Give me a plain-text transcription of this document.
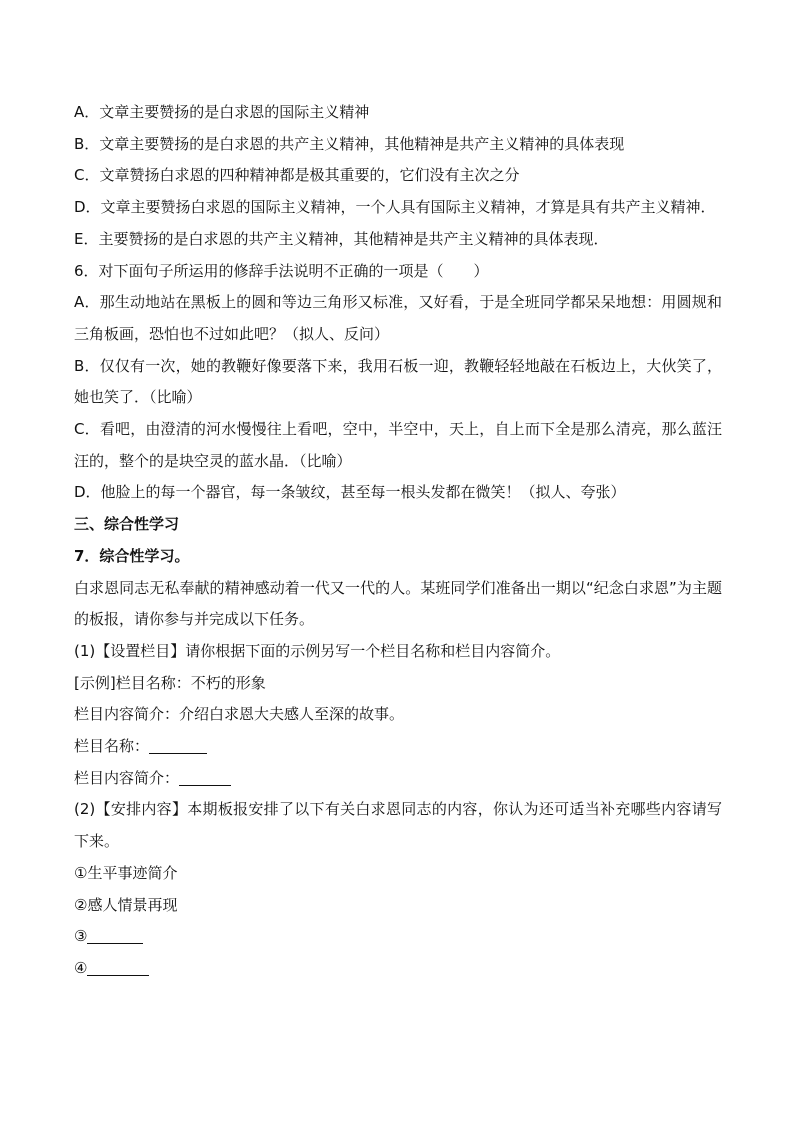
A．文章主要赞扬的是白求恩的国际主义精神
B．文章主要赞扬的是白求恩的共产主义精神，其他精神是共产主义精神的具体表现
C．文章赞扬白求恩的四种精神都是极其重要的，它们没有主次之分
D．文章主要赞扬白求恩的国际主义精神，一个人具有国际主义精神，才算是具有共产主义精神．
E．主要赞扬的是白求恩的共产主义精神，其他精神是共产主义精神的具体表现．
6．对下面句子所运用的修辞手法说明不正确的一项是（　　）
A．那生动地站在黑板上的圆和等边三角形又标准，又好看，于是全班同学都呆呆地想：用圆规和三角板画，恐怕也不过如此吧？（拟人、反问）
B．仅仅有一次，她的教鞭好像要落下来，我用石板一迎，教鞭轻轻地敲在石板边上，大伙笑了，她也笑了．（比喻）
C．看吧，由澄清的河水慢慢往上看吧，空中，半空中，天上，自上而下全是那么清亮，那么蓝汪汪的，整个的是块空灵的蓝水晶．（比喻）
D．他脸上的每一个器官，每一条皱纹，甚至每一根头发都在微笑！（拟人、夸张）
三、综合性学习
7．综合性学习。
白求恩同志无私奉献的精神感动着一代又一代的人。某班同学们准备出一期以“纪念白求恩”为主题的板报，请你参与并完成以下任务。
(1)【设置栏目】请你根据下面的示例另写一个栏目名称和栏目内容简介。
[示例]栏目名称：不朽的形象
栏目内容简介：介绍白求恩大夫感人至深的故事。
栏目名称：
栏目内容简介：
(2)【安排内容】本期板报安排了以下有关白求恩同志的内容，你认为还可适当补充哪些内容请写下来。
①生平事迹简介
②感人情景再现
③
④
